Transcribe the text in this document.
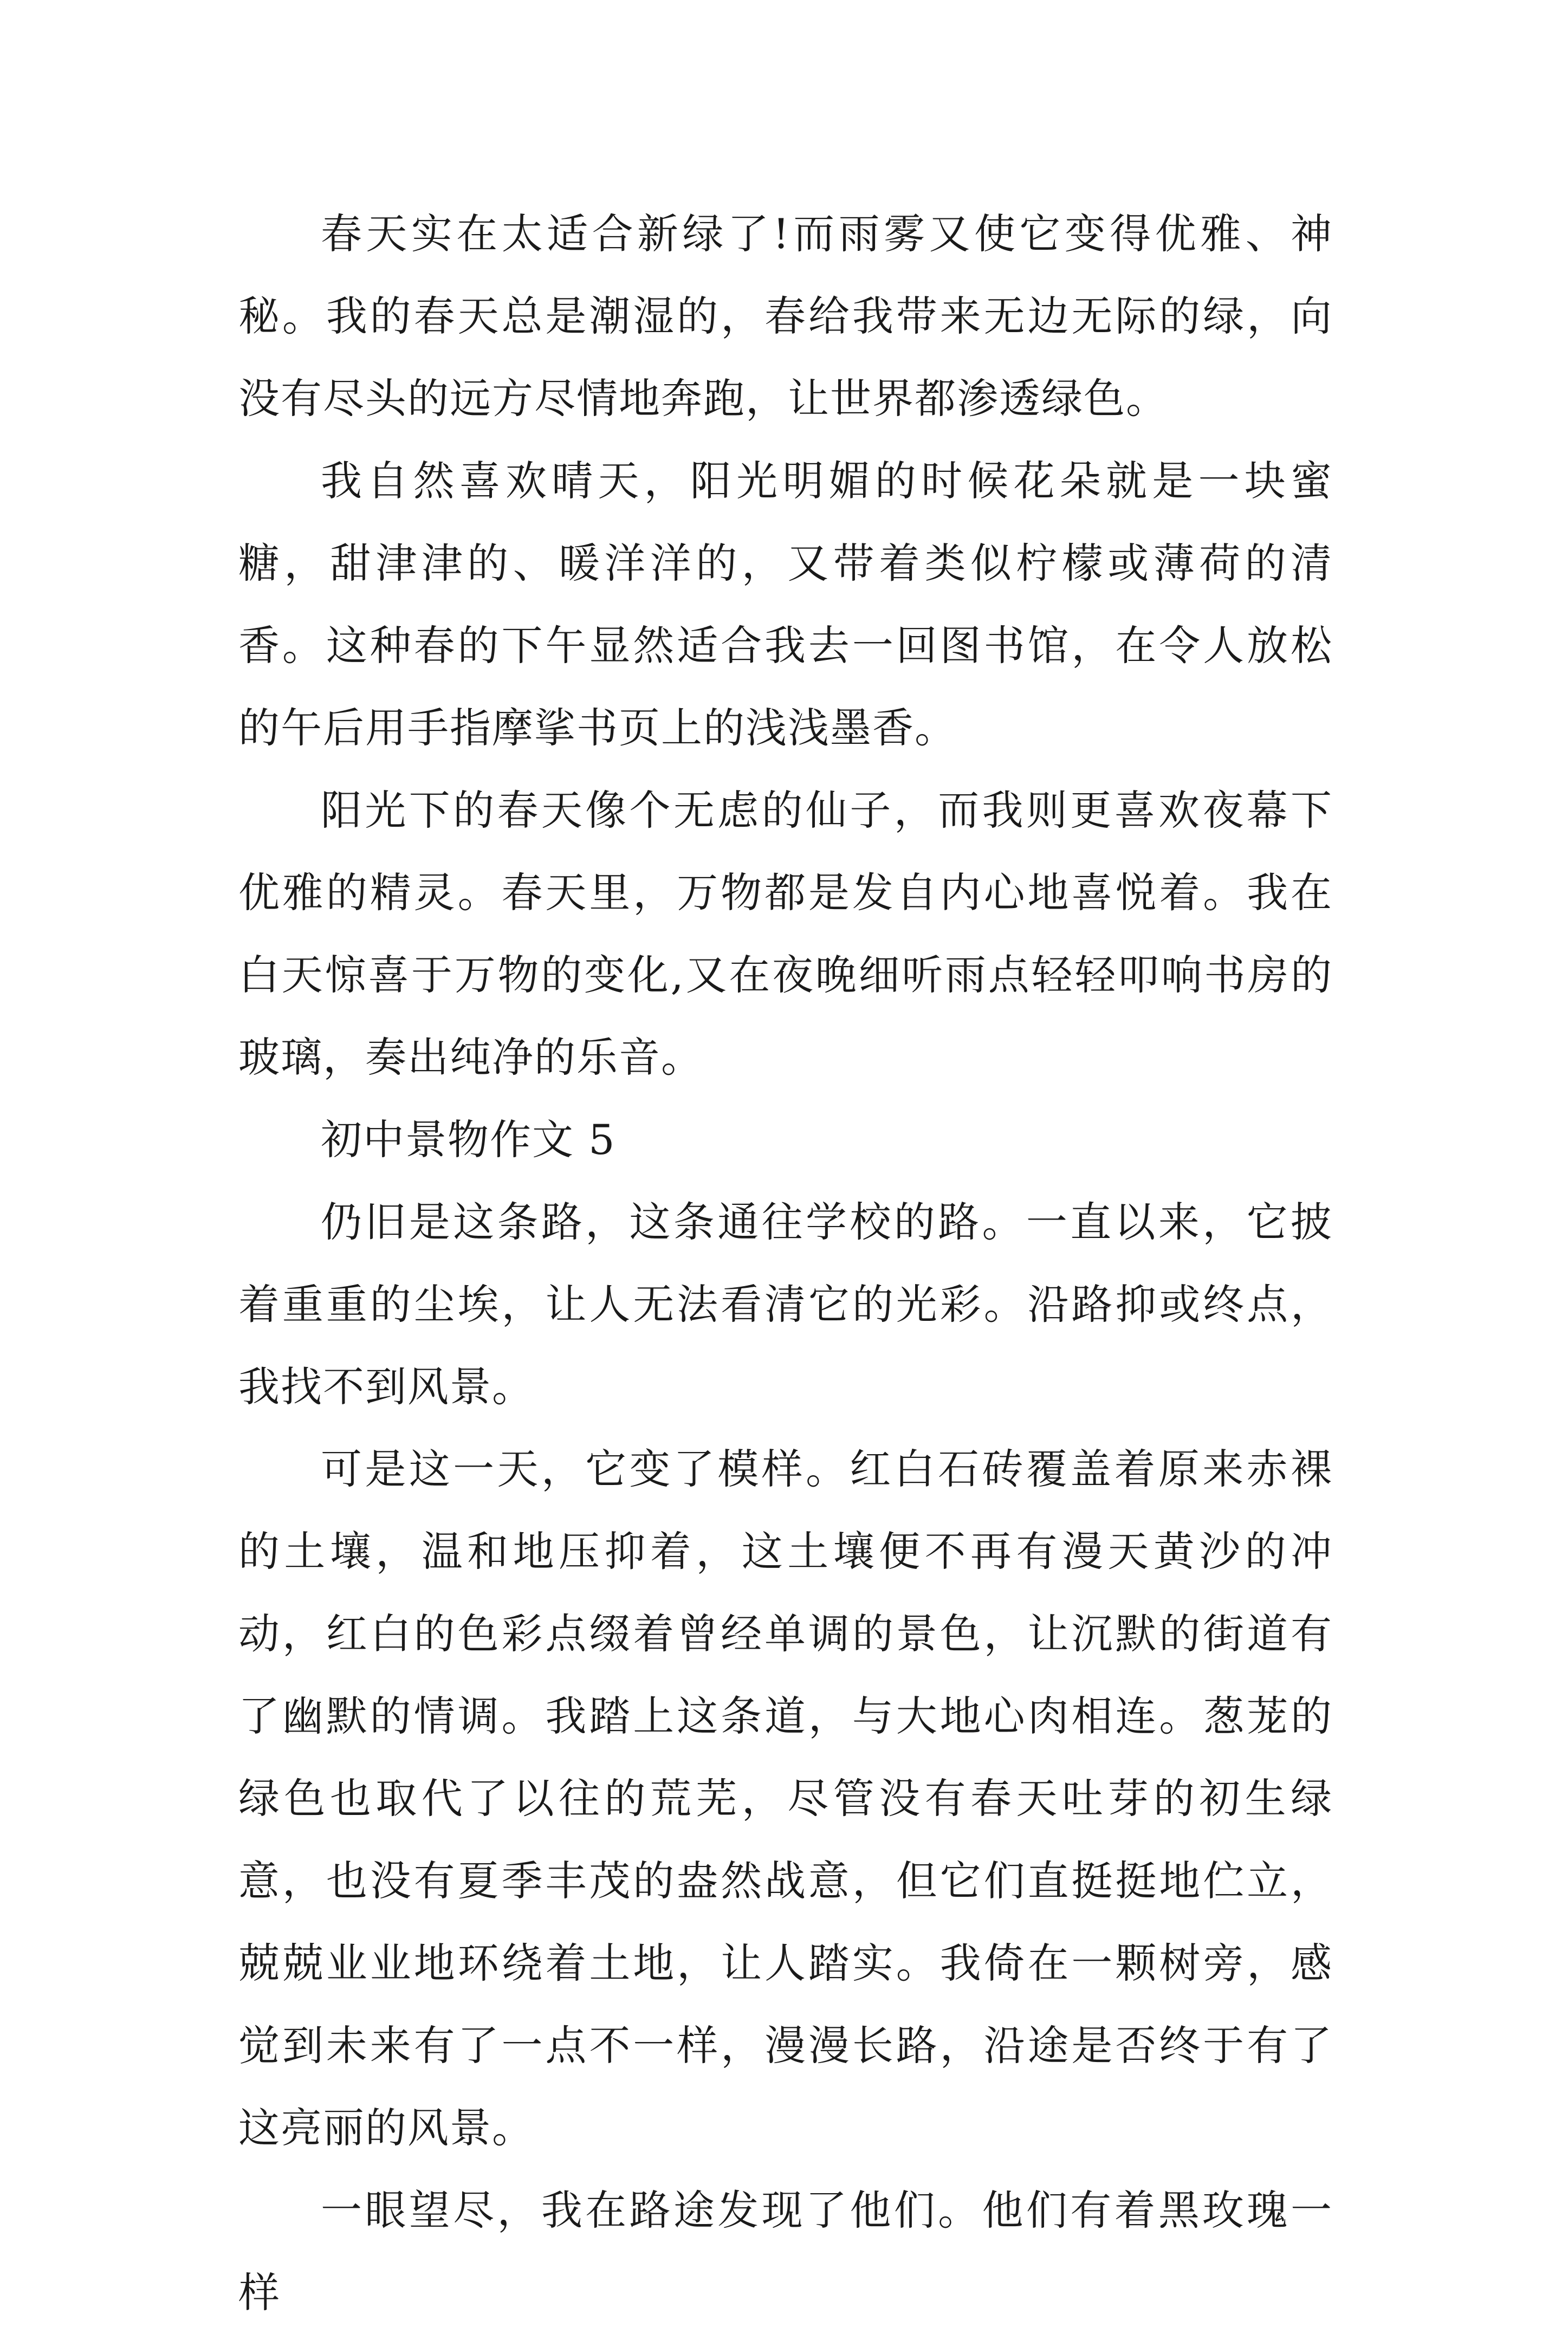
春天实在太适合新绿了!而雨雾又使它变得优雅、神秘。我的春天总是潮湿的，春给我带来无边无际的绿，向没有尽头的远方尽情地奔跑，让世界都渗透绿色。

我自然喜欢晴天，阳光明媚的时候花朵就是一块蜜糖，甜津津的、暖洋洋的，又带着类似柠檬或薄荷的清香。这种春的下午显然适合我去一回图书馆，在令人放松的午后用手指摩挲书页上的浅浅墨香。

阳光下的春天像个无虑的仙子，而我则更喜欢夜幕下优雅的精灵。春天里，万物都是发自内心地喜悦着。我在白天惊喜于万物的变化,又在夜晚细听雨点轻轻叩响书房的玻璃，奏出纯净的乐音。

初中景物作文 5

仍旧是这条路，这条通往学校的路。一直以来，它披着重重的尘埃，让人无法看清它的光彩。沿路抑或终点，我找不到风景。

可是这一天，它变了模样。红白石砖覆盖着原来赤裸的土壤，温和地压抑着，这土壤便不再有漫天黄沙的冲动，红白的色彩点缀着曾经单调的景色，让沉默的街道有了幽默的情调。我踏上这条道，与大地心肉相连。葱茏的绿色也取代了以往的荒芜，尽管没有春天吐芽的初生绿意，也没有夏季丰茂的盎然战意，但它们直挺挺地伫立，兢兢业业地环绕着土地，让人踏实。我倚在一颗树旁，感觉到未来有了一点不一样，漫漫长路，沿途是否终于有了这亮丽的风景。

一眼望尽，我在路途发现了他们。他们有着黑玫瑰一样
